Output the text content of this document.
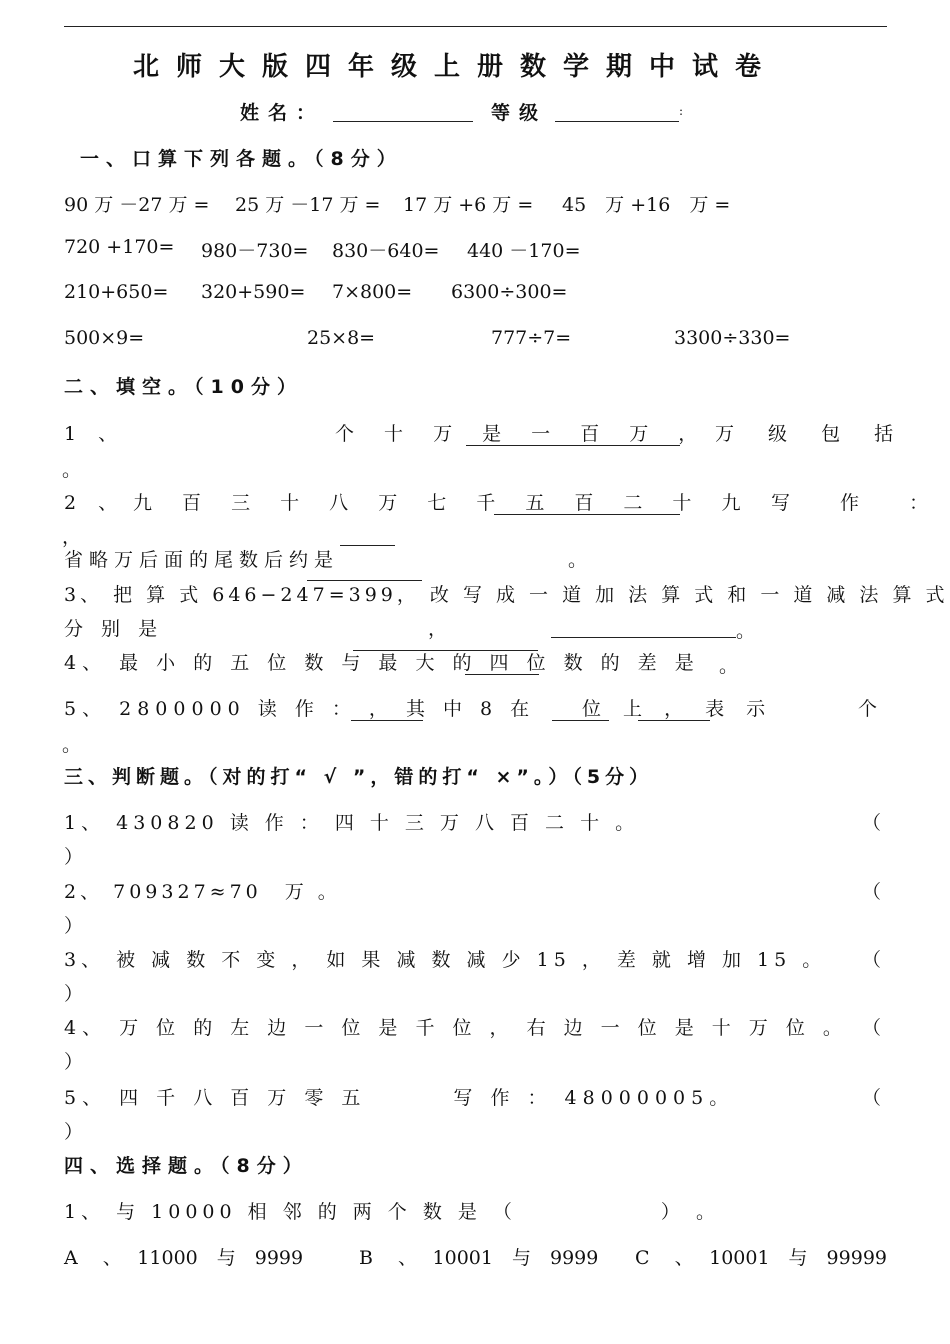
北师大版四年级上册数学期中试卷
姓名：	等级	:
一、口算下列各题。（8分）
90 万 －27 万 = 25 万 －17 万 = 17 万 +6 万 = 45　万 +16　万 =
720 +170= 980－730= 830－640= 440 －170=
210+650= 320+590= 7×800= 6300÷300=
500×9=	25×8=	777÷7=	3300÷330=
二、填空。（10分）
1 、	个 十 万 是 一 百 万 ， 万 级 包 括
。
2 、 九 百 三 十 八 万 七 千 五 百 二 十 九 写 作 ：
，
省略万后面的尾数后约是	。
3、 把 算 式 646−247=399， 改 写 成 一 道 加 法 算 式 和 一 道 减 法 算 式
分 别 是	，	。
4、 最 小 的 五 位 数 与 最 大 的 四 位 数 的 差 是 。
5、 2800000 读 作 ： ， 其 中 8 在 位 上 ， 表 示	个
。
三、判断题。（对的打“ √ ”，错的打“ ×”。）（5分）
1、 430820 读 作 ： 四 十 三 万 八 百 二 十 。	（
）
2、 709327≈70　万 。	（
）
3、 被 减 数 不 变 ， 如 果 减 数 减 少 15 ， 差 就 增 加 15 。 （
）
4、 万 位 的 左 边 一 位 是 千 位 ， 右 边 一 位 是 十 万 位 。 （
）
5、 四 千 八 百 万 零 五　　　 写 作 ： 48000005。	（
）
四、选择题。（8分）
1、 与 10000 相 邻 的 两 个 数 是 （　　　　　　） 。
A　 、　 11000　与　9999	B　 、　 10001　与　9999 C　 、　 10001　与　99999
